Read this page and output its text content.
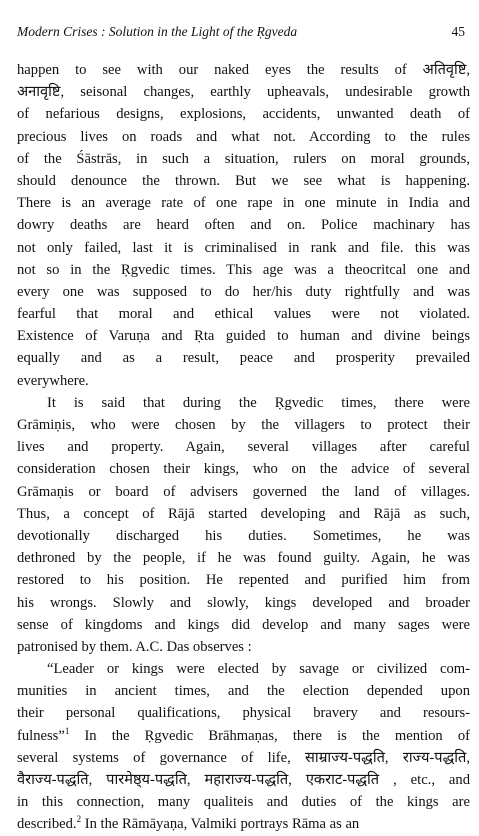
Modern Crises : Solution in the Light of the Ṛgveda	45
happen to see with our naked eyes the results of अतिवृष्टि,
अनावृष्टि, seisonal changes, earthly upheavals, undesirable growth
of nefarious designs, explosions, accidents, unwanted death of
precious lives on roads and what not. According to the rules
of the Śāstrās, in such a situation, rulers on moral grounds,
should denounce the thrown. But we see what is happening.
There is an average rate of one rape in one minute in India and
dowry deaths are heard often and on. Police machinary has
not only failed, last it is criminalised in rank and file. this was
not so in the Ṛgvedic times. This age was a theocritcal one and
every one was supposed to do her/his duty rightfully and was
fearful that moral and ethical values were not violated.
Existence of Varuṇa and Ṛta guided to human and divine beings
equally and as a result, peace and prosperity prevailed
everywhere.
It is said that during the Ṛgvedic times, there were
Grāmiṇis, who were chosen by the villagers to protect their
lives and property. Again, several villages after careful
consideration chosen their kings, who on the advice of several
Grāmaṇis or board of advisers governed the land of villages.
Thus, a concept of Rājā started developing and Rājā as such,
devotionally discharged his duties. Sometimes, he was
dethroned by the people, if he was found guilty. Again, he was
restored to his position. He repented and purified him from
his wrongs. Slowly and slowly, kings developed and broader
sense of kingdoms and kings did develop and many sages were
patronised by them. A.C. Das observes :
“Leader or kings were elected by savage or civilized com-
munities in ancient times, and the election depended upon
their personal qualifications, physical bravery and resours-
fulness”$^1$ In the Ṛgvedic Brāhmaṇas, there is the mention of
several systems of governance of life, साम्राज्य-पद्धति, राज्य-पद्धति,
वैराज्य-पद्धति, पारमेष्ठ्य-पद्धति, महाराज्य-पद्धति, एकराट-पद्धति , etc., and
in this connection, many qualiteis and duties of the kings are
described.$^2$ In the Rāmāyaṇa, Valmiki portrays Rāma as an
